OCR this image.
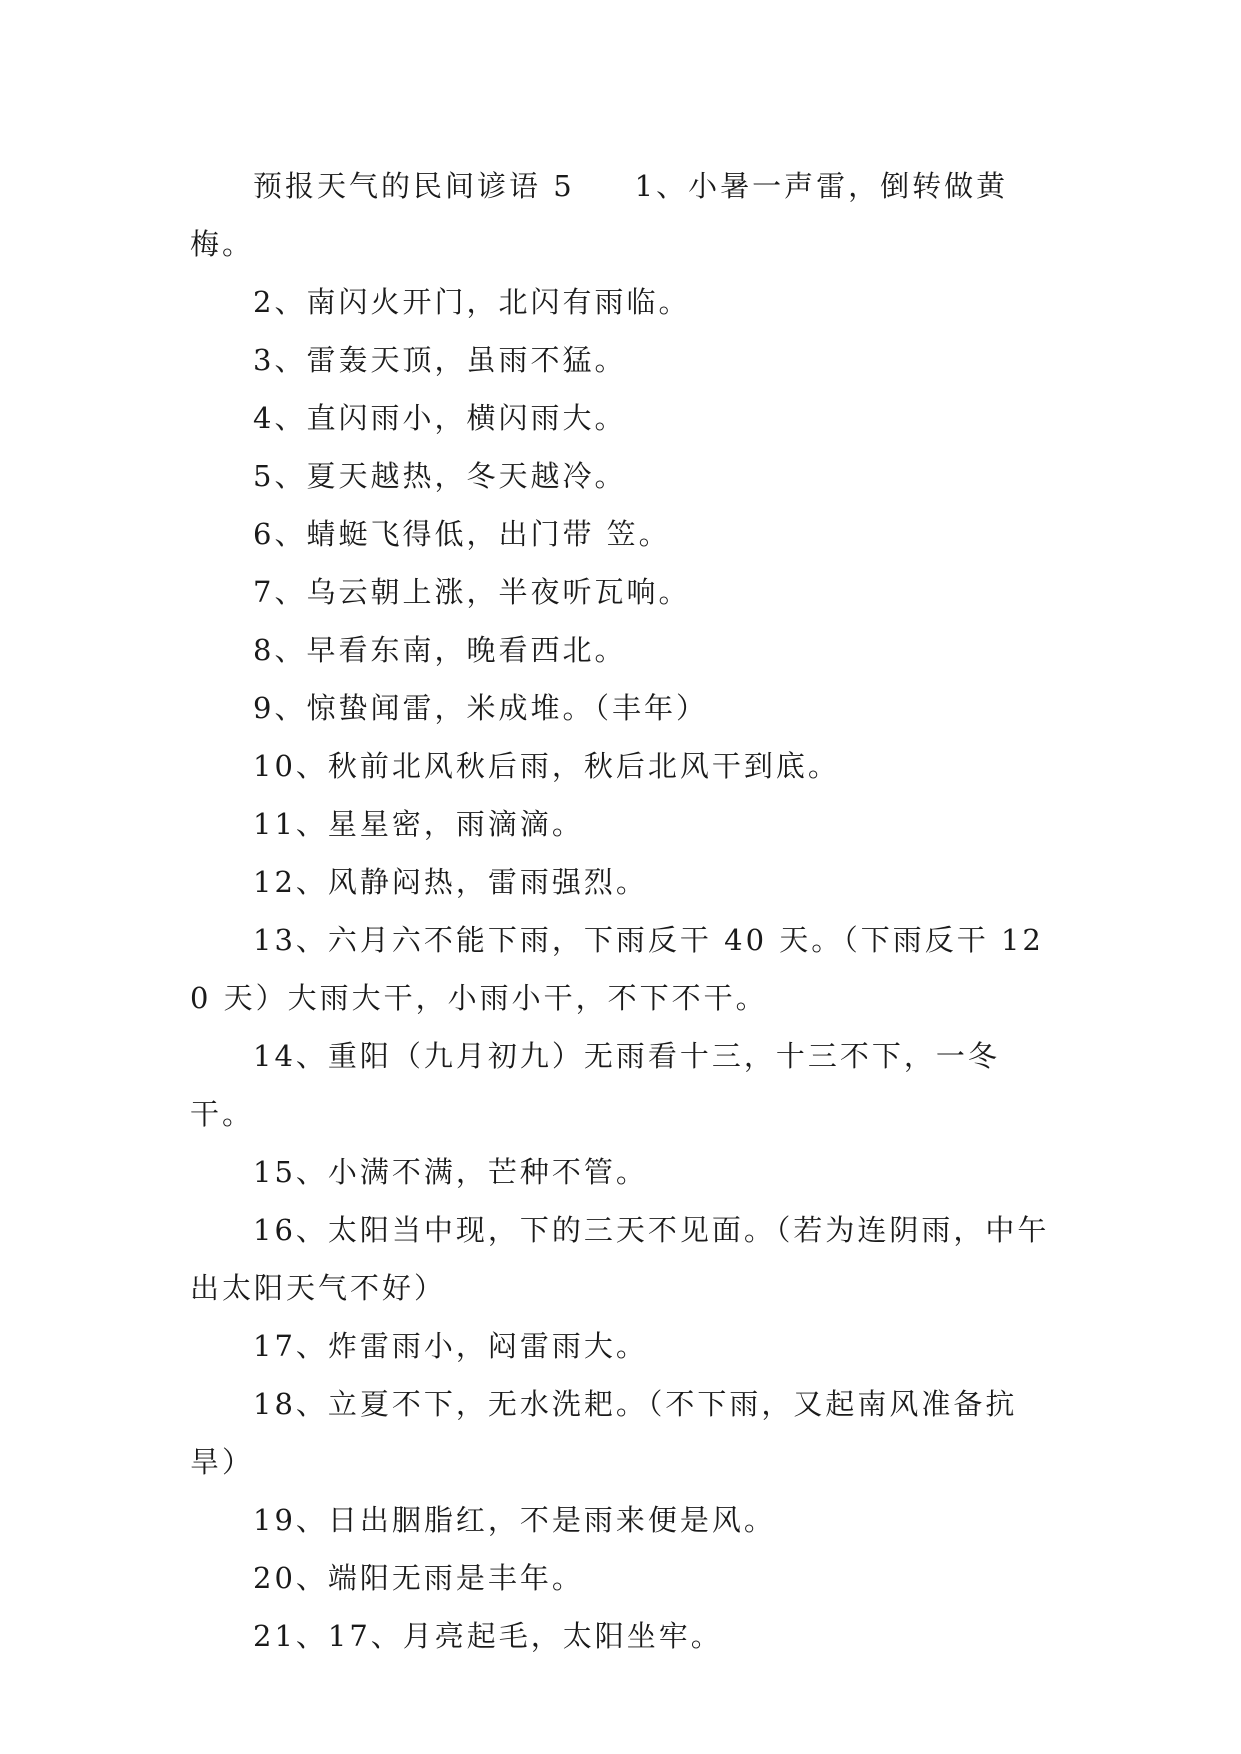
预报天气的民间谚语 5 1、小暑一声雷，倒转做黄梅。

2、南闪火开门，北闪有雨临。

3、雷轰天顶，虽雨不猛。

4、直闪雨小，横闪雨大。

5、夏天越热，冬天越冷。

6、蜻蜓飞得低，出门带 笠。

7、乌云朝上涨，半夜听瓦响。

8、早看东南，晚看西北。

9、惊蛰闻雷，米成堆。（丰年）

10、秋前北风秋后雨，秋后北风干到底。

11、星星密，雨滴滴。

12、风静闷热，雷雨强烈。

13、六月六不能下雨，下雨反干 40 天。（下雨反干 120 天）大雨大干，小雨小干，不下不干。

14、重阳（九月初九）无雨看十三，十三不下，一冬干。

15、小满不满，芒种不管。

16、太阳当中现，下的三天不见面。（若为连阴雨，中午出太阳天气不好）

17、炸雷雨小，闷雷雨大。

18、立夏不下，无水洗耙。（不下雨，又起南风准备抗旱）

19、日出胭脂红，不是雨来便是风。

20、端阳无雨是丰年。

21、17、月亮起毛，太阳坐牢。
